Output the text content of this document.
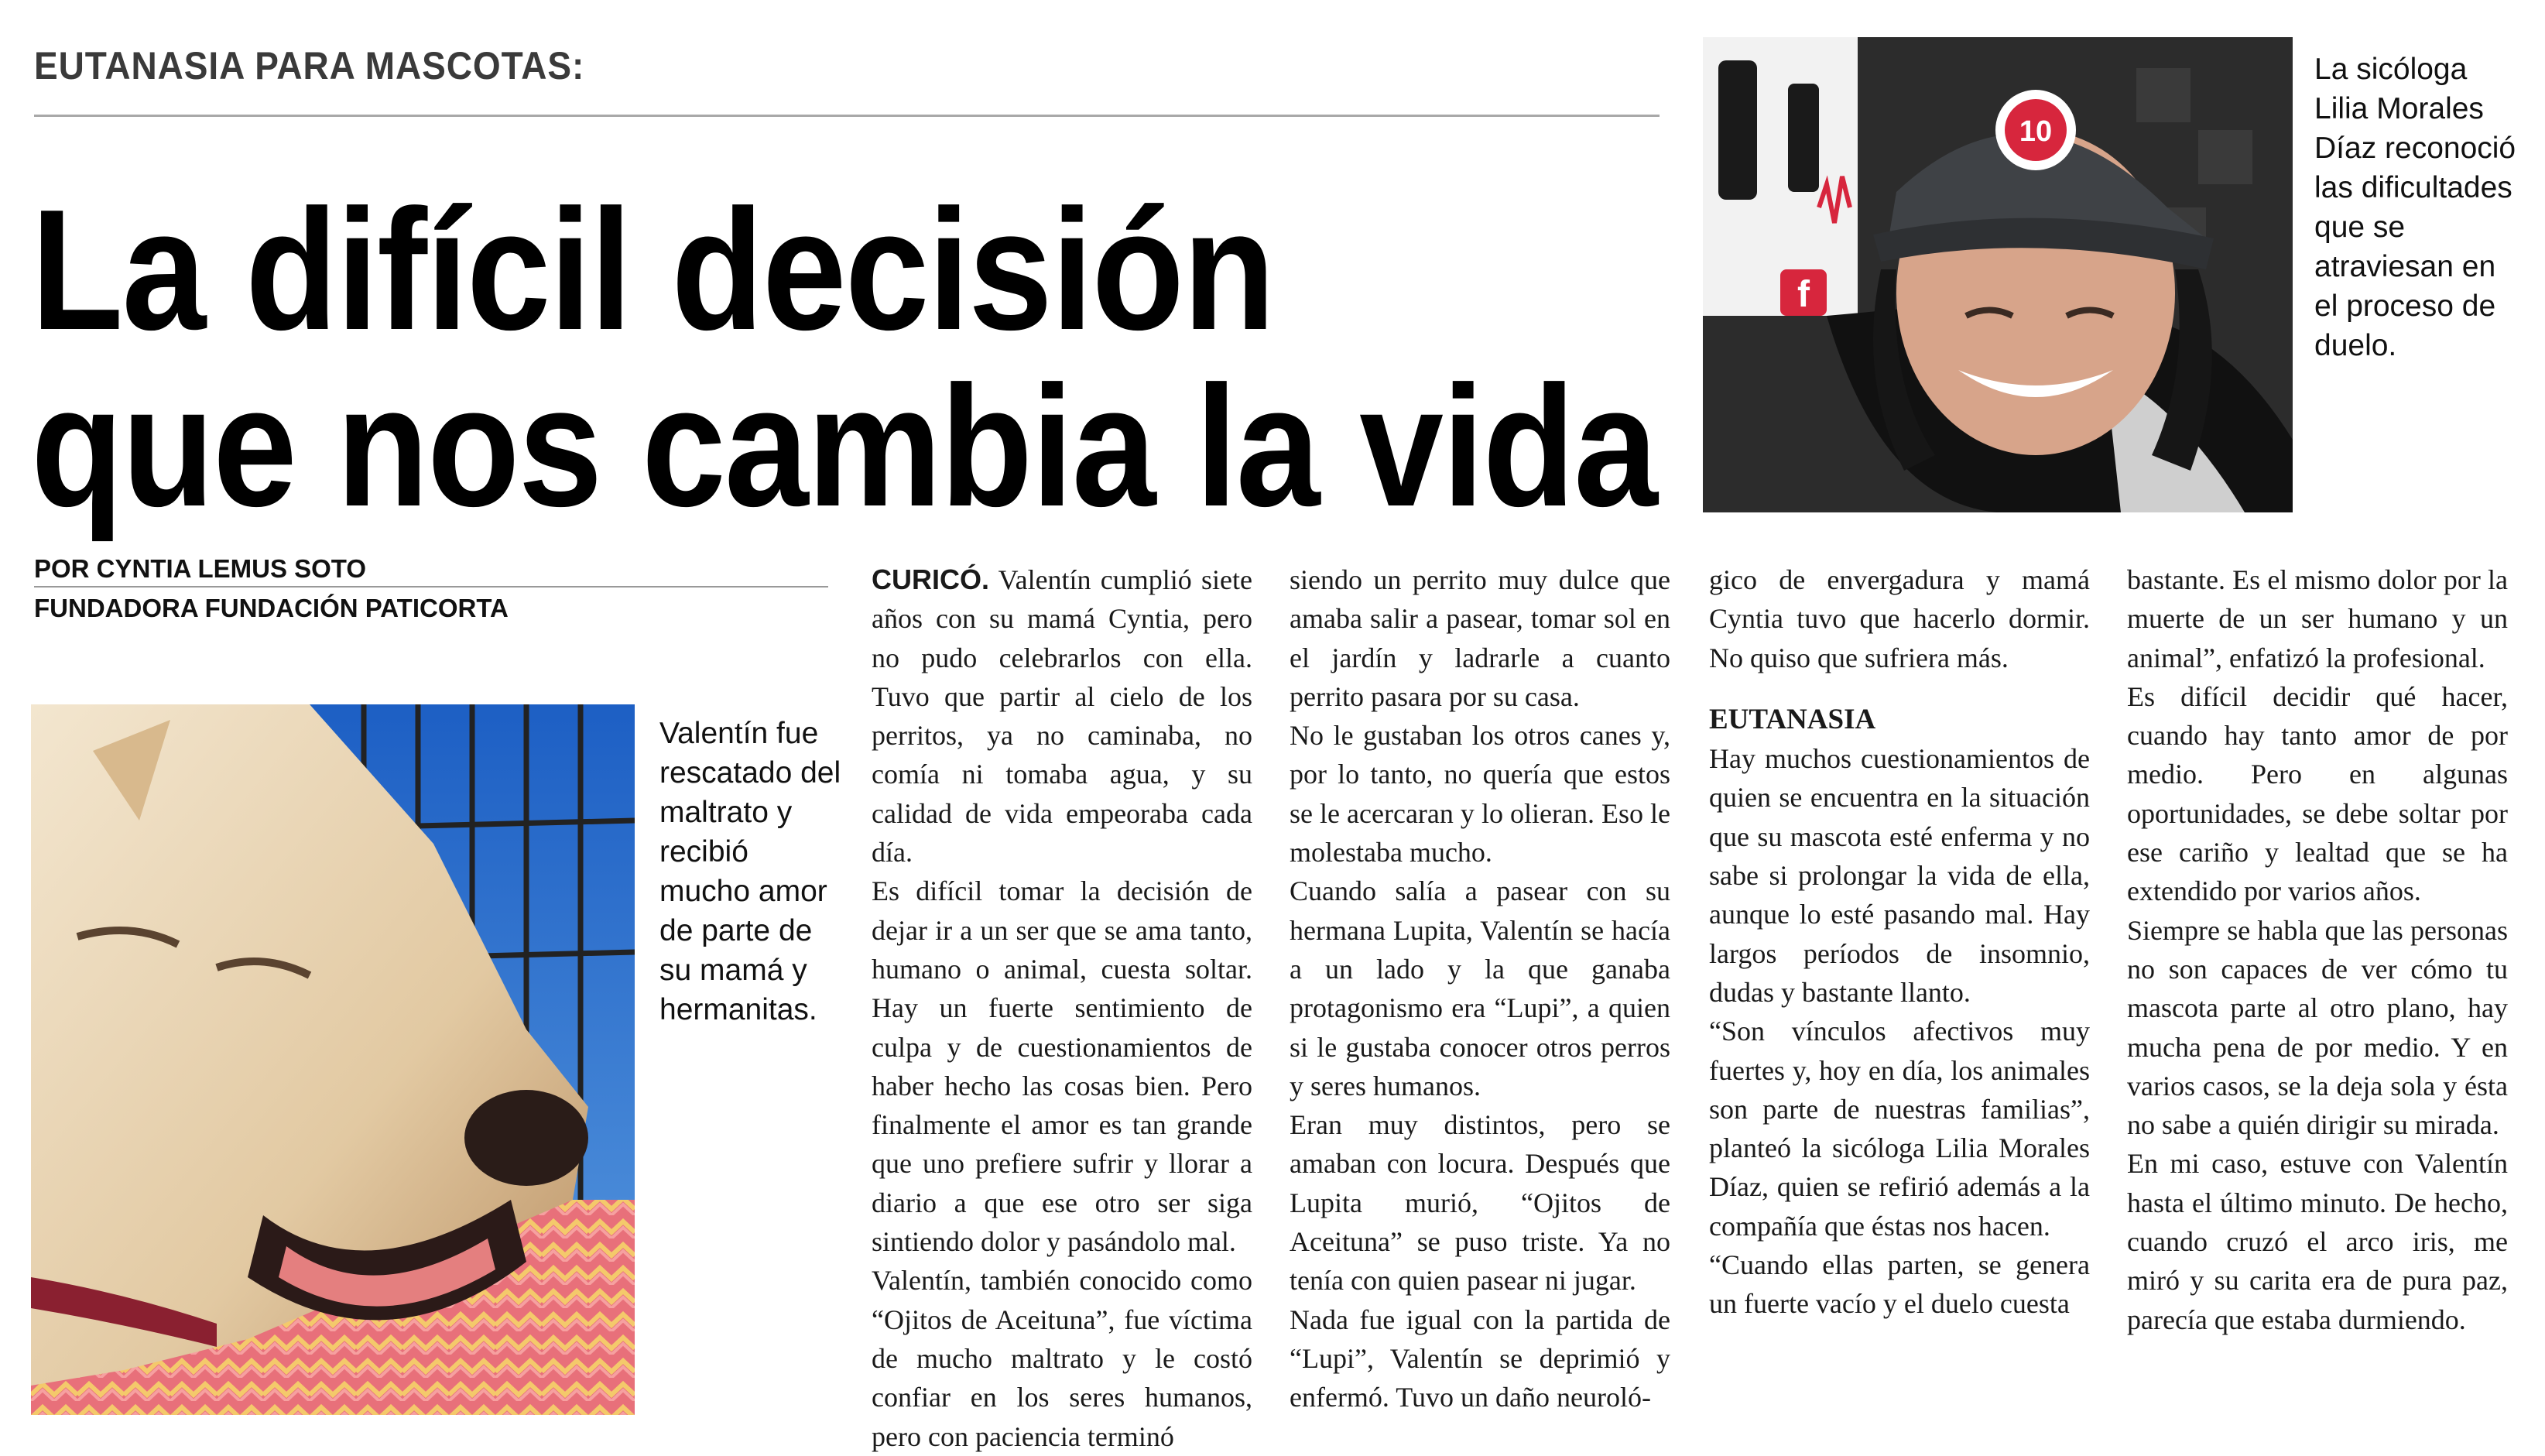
EUTANASIA PARA MASCOTAS:
La difícil decisión
que nos cambia la vida
POR CYNTIA LEMUS SOTO
FUNDADORA FUNDACIÓN PATICORTA
Valentín fue rescatado del maltrato y recibió mucho amor de parte de su mamá y hermanitas.
f
10
La sicóloga Lilia Morales Díaz reconoció las dificultades que se atraviesan en el proceso de duelo.

CURICÓ. Valentín cumplió siete años con su mamá Cyntia, pero no pudo celebrarlos con ella. Tuvo que partir al cielo de los perritos, ya no caminaba, no comía ni tomaba agua, y su calidad de vida empeoraba cada día.

Es difícil tomar la decisión de dejar ir a un ser que se ama tanto, humano o animal, cuesta soltar. Hay un fuerte sentimiento de culpa y de cuestionamientos de haber hecho las cosas bien. Pero finalmente el amor es tan grande que uno prefiere sufrir y llorar a diario a que ese otro ser siga sintiendo dolor y pasándolo mal.

Valentín, también conocido como “Ojitos de Aceituna”, fue víctima de mucho maltrato y le costó confiar en los seres humanos, pero con paciencia terminó

siendo un perrito muy dulce que amaba salir a pasear, tomar sol en el jardín y ladrarle a cuanto perrito pasara por su casa.

No le gustaban los otros canes y, por lo tanto, no quería que estos se le acercaran y lo olieran. Eso le molestaba mucho.

Cuando salía a pasear con su hermana Lupita, Valentín se hacía a un lado y la que ganaba protagonismo era “Lupi”, a quien si le gustaba conocer otros perros y seres humanos.

Eran muy distintos, pero se amaban con locura. Después que Lupita murió, “Ojitos de Aceituna” se puso triste. Ya no tenía con quien pasear ni jugar.

Nada fue igual con la partida de “Lupi”, Valentín se deprimió y enfermó. Tuvo un daño neuroló-

gico de envergadura y mamá Cyntia tuvo que hacerlo dormir. No quiso que sufriera más.

EUTANASIA

Hay muchos cuestionamientos de quien se encuentra en la situación que su mascota esté enferma y no sabe si prolongar la vida de ella, aunque lo esté pasando mal. Hay largos períodos de insomnio, dudas y bastante llanto.

“Son vínculos afectivos muy fuertes y, hoy en día, los animales son parte de nuestras familias”, planteó la sicóloga Lilia Morales Díaz, quien se refirió además a la compañía que éstas nos hacen.

“Cuando ellas parten, se genera un fuerte vacío y el duelo cuesta

bastante. Es el mismo dolor por la muerte de un ser humano y un animal”, enfatizó la profesional.

Es difícil decidir qué hacer, cuando hay tanto amor de por medio. Pero en algunas oportunidades, se debe soltar por ese cariño y lealtad que se ha extendido por varios años.

Siempre se habla que las personas no son capaces de ver cómo tu mascota parte al otro plano, hay mucha pena de por medio. Y en varios casos, se la deja sola y ésta no sabe a quién dirigir su mirada.

En mi caso, estuve con Valentín hasta el último minuto. De hecho, cuando cruzó el arco iris, me miró y su carita era de pura paz, parecía que estaba durmiendo.
